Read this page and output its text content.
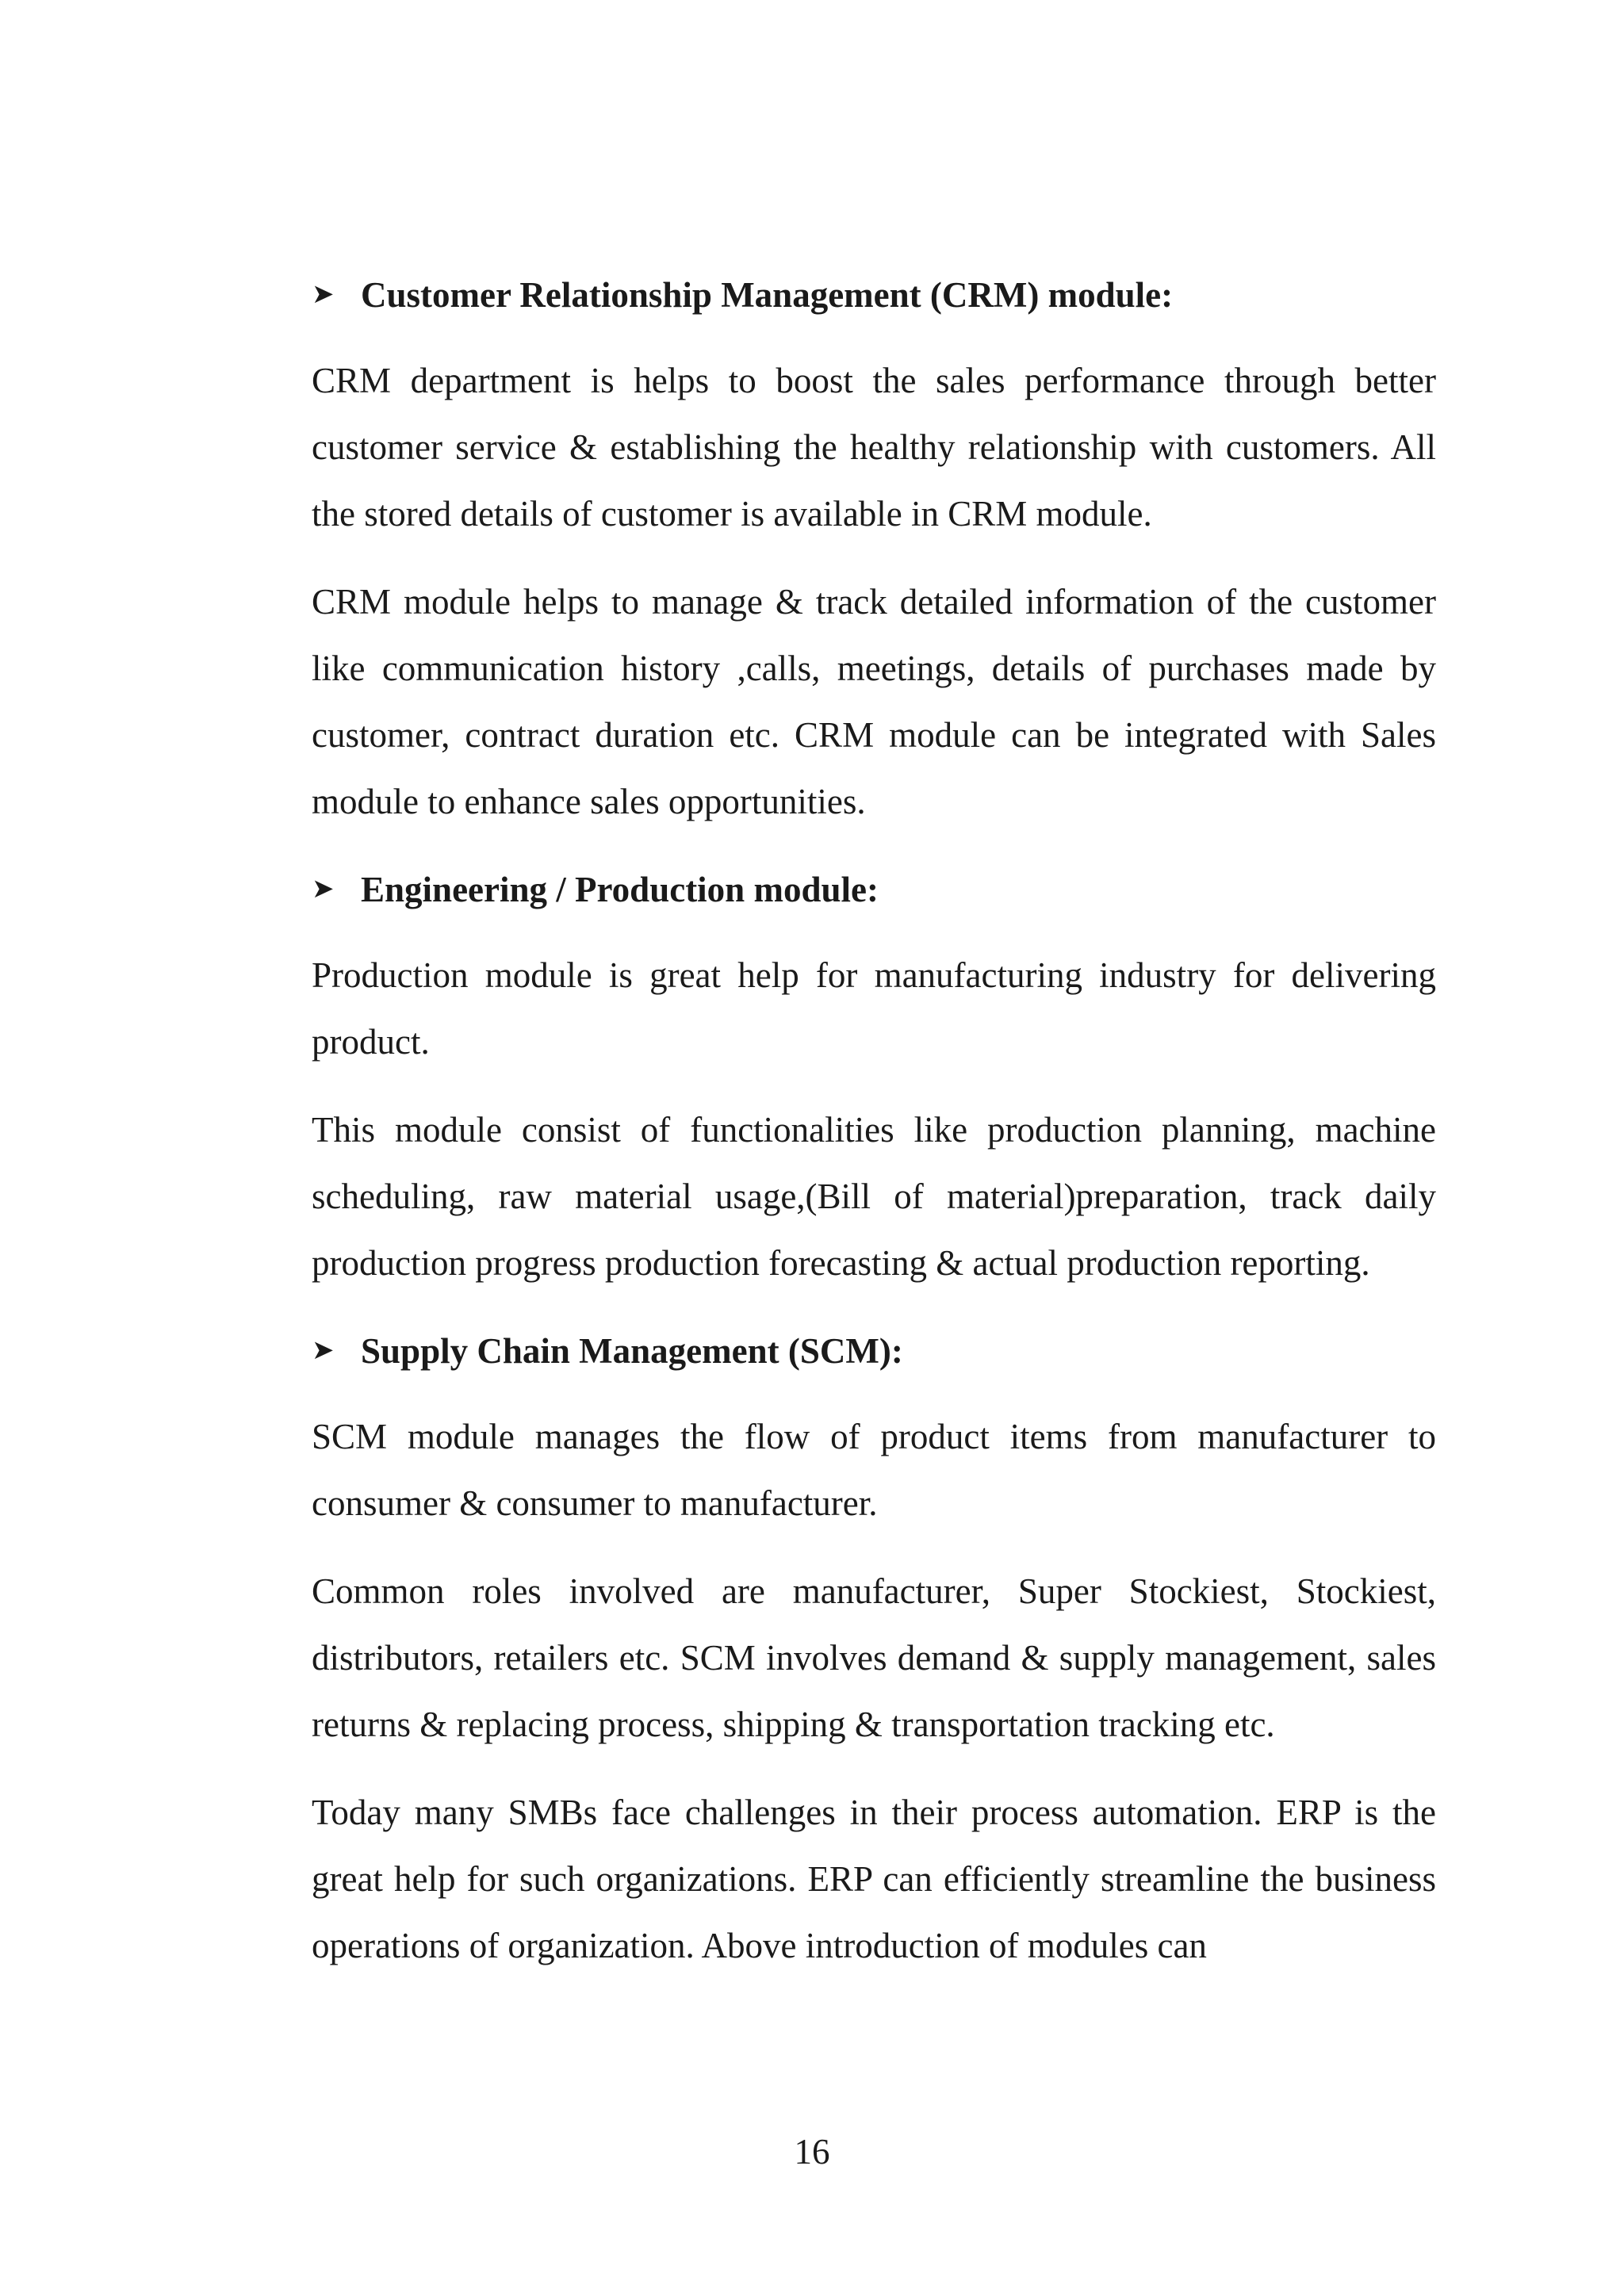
➤ Customer Relationship Management (CRM) module:

CRM department is helps to boost the sales performance through better customer service & establishing the healthy relationship with customers. All the stored details of customer is available in CRM module.

CRM module helps to manage & track detailed information of the customer like communication history ,calls, meetings, details of purchases made by customer, contract duration etc. CRM module can be integrated with Sales module to enhance sales opportunities.

➤ Engineering / Production module:

Production module is great help for manufacturing industry for delivering product.

This module consist of functionalities like production planning, machine scheduling, raw material usage,(Bill of material)preparation, track daily production progress production forecasting & actual production reporting.

➤ Supply Chain Management (SCM):

SCM module manages the flow of product items from manufacturer to consumer & consumer to manufacturer.

Common roles involved are manufacturer, Super Stockiest, Stockiest, distributors, retailers etc. SCM involves demand & supply management, sales returns & replacing process, shipping & transportation tracking etc.

Today many SMBs face challenges in their process automation. ERP is the great help for such organizations. ERP can efficiently streamline the business operations of organization. Above introduction of modules can

16
